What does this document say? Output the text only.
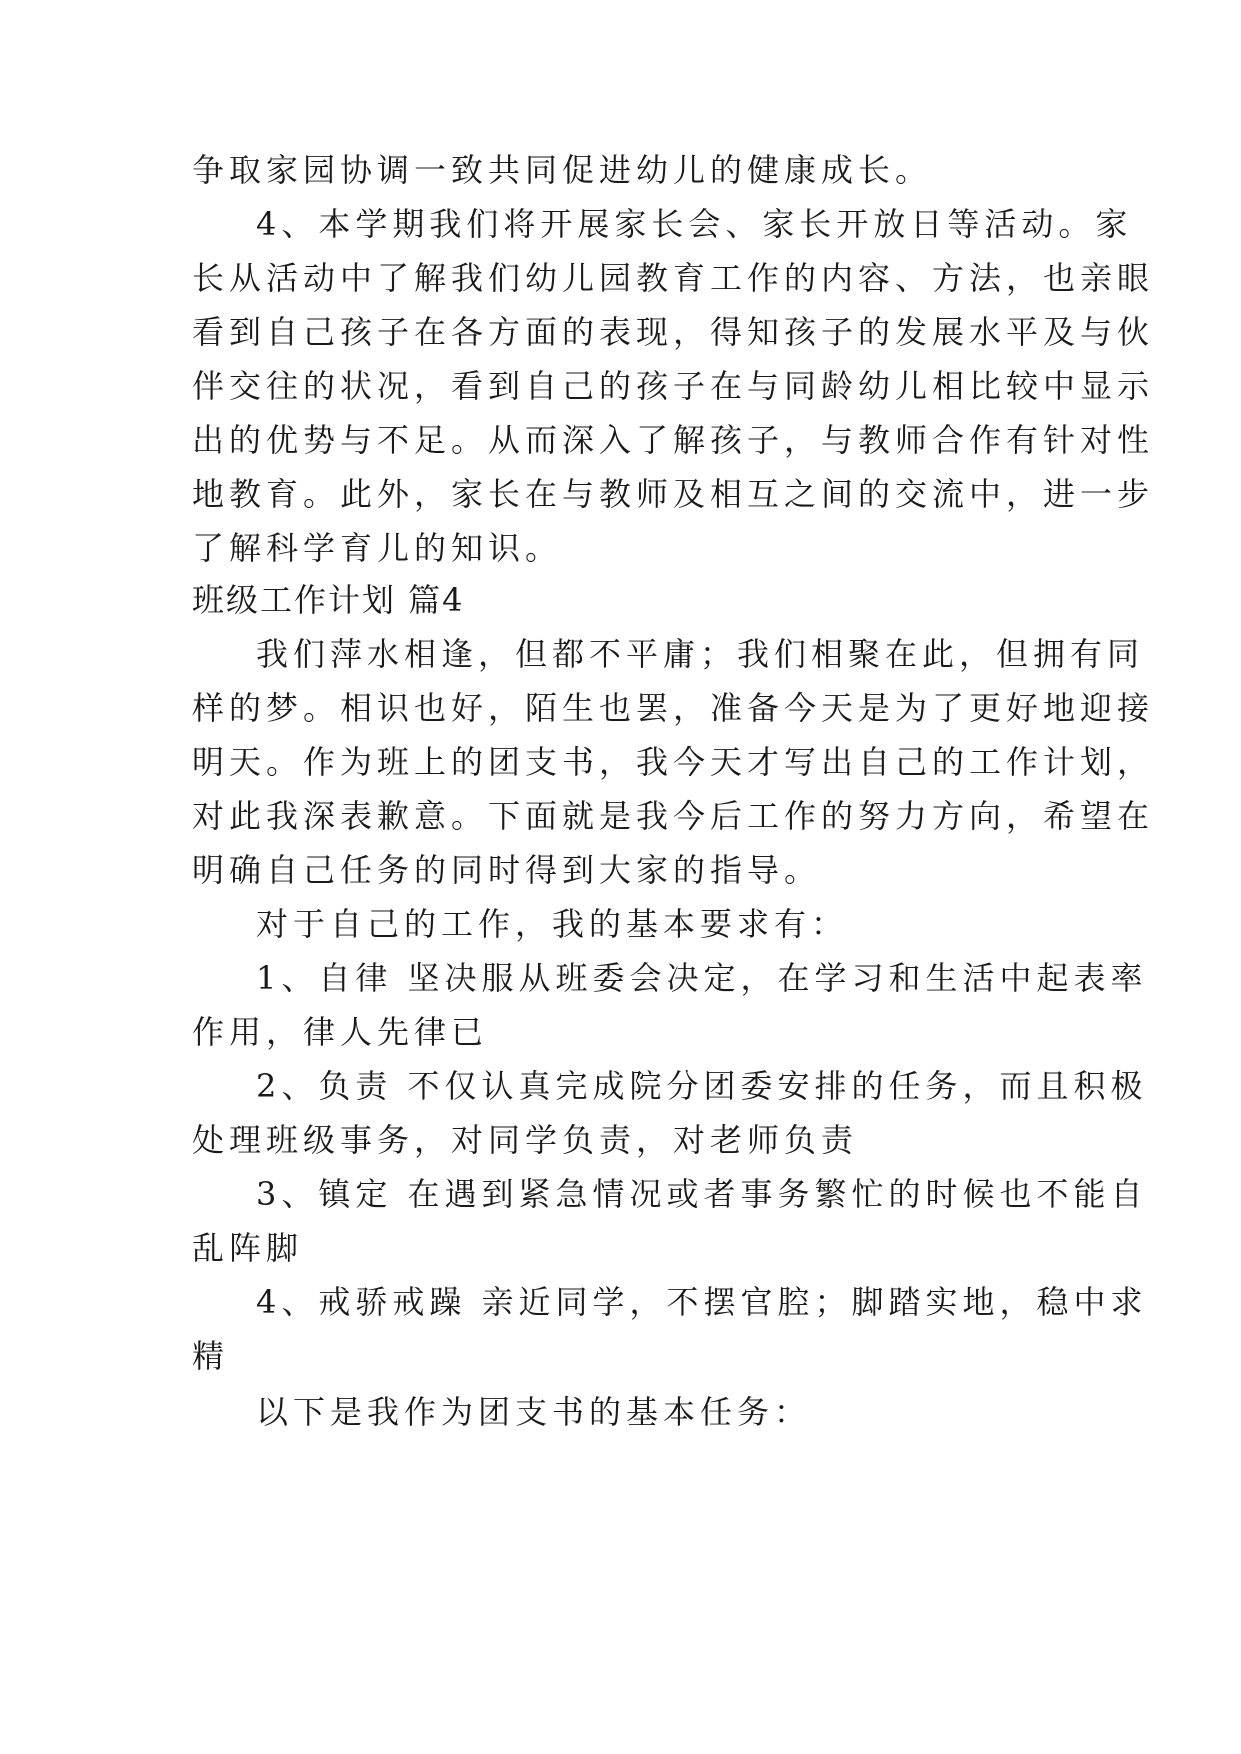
争取家园协调一致共同促进幼儿的健康成长。
4、本学期我们将开展家长会、家长开放日等活动。家
长从活动中了解我们幼儿园教育工作的内容、方法，也亲眼
看到自己孩子在各方面的表现，得知孩子的发展水平及与伙
伴交往的状况，看到自己的孩子在与同龄幼儿相比较中显示
出的优势与不足。从而深入了解孩子，与教师合作有针对性
地教育。此外，家长在与教师及相互之间的交流中，进一步
了解科学育儿的知识。
班级工作计划 篇4
我们萍水相逢，但都不平庸；我们相聚在此，但拥有同
样的梦。相识也好，陌生也罢，准备今天是为了更好地迎接
明天。作为班上的团支书，我今天才写出自己的工作计划，
对此我深表歉意。下面就是我今后工作的努力方向，希望在
明确自己任务的同时得到大家的指导。
对于自己的工作，我的基本要求有：
1、自律 坚决服从班委会决定，在学习和生活中起表率
作用，律人先律已
2、负责 不仅认真完成院分团委安排的任务，而且积极
处理班级事务，对同学负责，对老师负责
3、镇定 在遇到紧急情况或者事务繁忙的时候也不能自
乱阵脚
4、戒骄戒躁 亲近同学，不摆官腔；脚踏实地，稳中求
精
以下是我作为团支书的基本任务：
